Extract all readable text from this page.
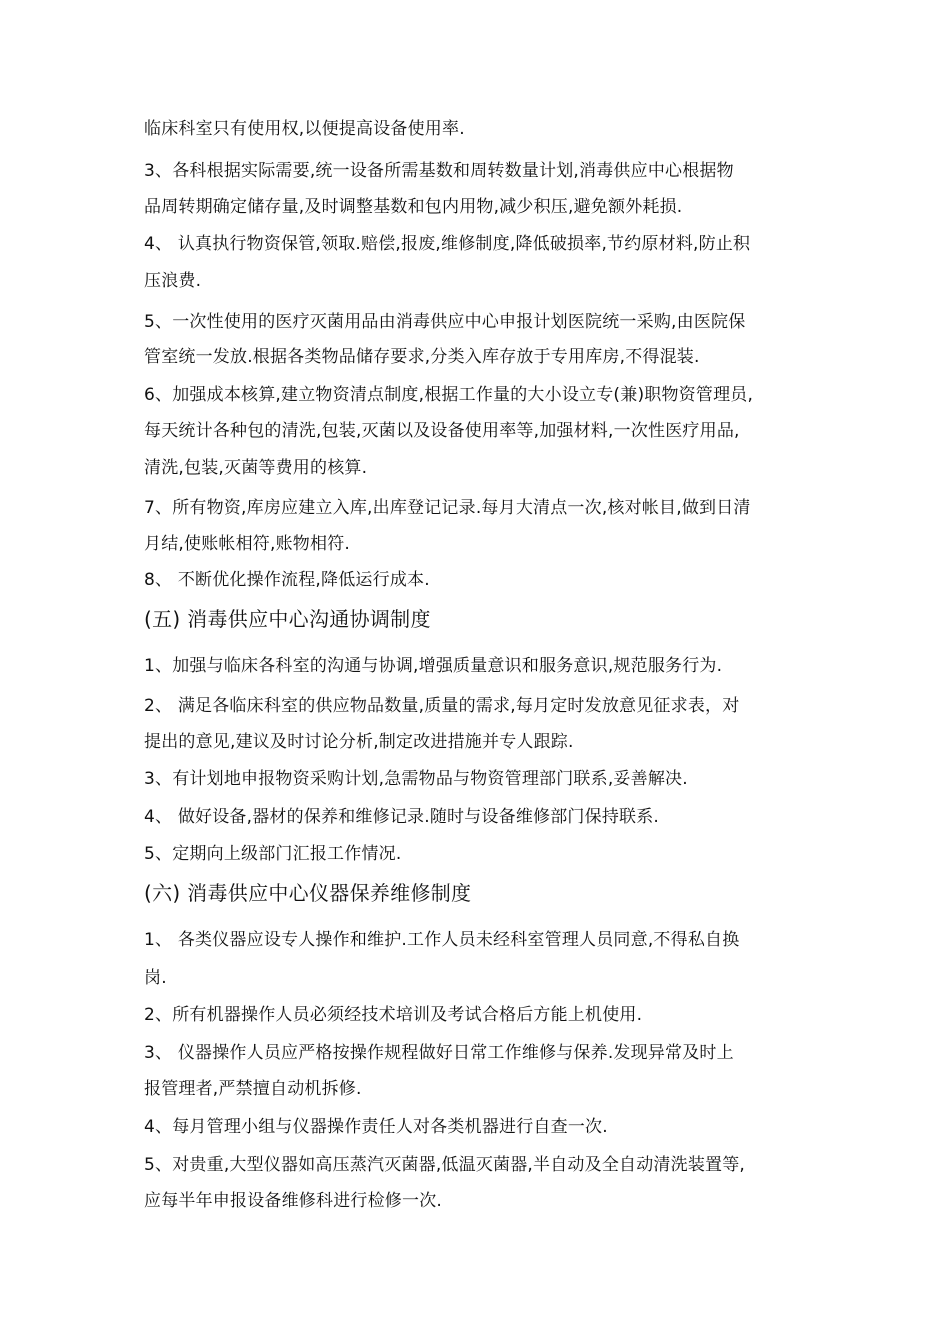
临床科室只有使用权,以便提高设备使用率.
3、各科根据实际需要,统一设备所需基数和周转数量计划,消毒供应中心根据物
品周转期确定储存量,及时调整基数和包内用物,减少积压,避免额外耗损.
4、 认真执行物资保管,领取.赔偿,报废,维修制度,降低破损率,节约原材料,防止积
压浪费.
5、一次性使用的医疗灭菌用品由消毒供应中心申报计划医院统一采购,由医院保
管室统一发放.根据各类物品储存要求,分类入库存放于专用库房,不得混装.
6、加强成本核算,建立物资清点制度,根据工作量的大小设立专(兼)职物资管理员,
每天统计各种包的清洗,包装,灭菌以及设备使用率等,加强材料,一次性医疗用品,
清洗,包装,灭菌等费用的核算.
7、所有物资,库房应建立入库,出库登记记录.每月大清点一次,核对帐目,做到日清
月结,使账帐相符,账物相符.
8、 不断优化操作流程,降低运行成本.
(五) 消毒供应中心沟通协调制度
1、加强与临床各科室的沟通与协调,增强质量意识和服务意识,规范服务行为.
2、 满足各临床科室的供应物品数量,质量的需求,每月定时发放意见征求表，对
提出的意见,建议及时讨论分析,制定改进措施并专人跟踪.
3、有计划地申报物资采购计划,急需物品与物资管理部门联系,妥善解决.
4、 做好设备,器材的保养和维修记录.随时与设备维修部门保持联系.
5、定期向上级部门汇报工作情况.
(六) 消毒供应中心仪器保养维修制度
1、 各类仪器应设专人操作和维护.工作人员未经科室管理人员同意,不得私自换
岗.
2、所有机器操作人员必须经技术培训及考试合格后方能上机使用.
3、 仪器操作人员应严格按操作规程做好日常工作维修与保养.发现异常及时上
报管理者,严禁擅自动机拆修.
4、每月管理小组与仪器操作责任人对各类机器进行自查一次.
5、对贵重,大型仪器如高压蒸汽灭菌器,低温灭菌器,半自动及全自动清洗装置等,
应每半年申报设备维修科进行检修一次.
